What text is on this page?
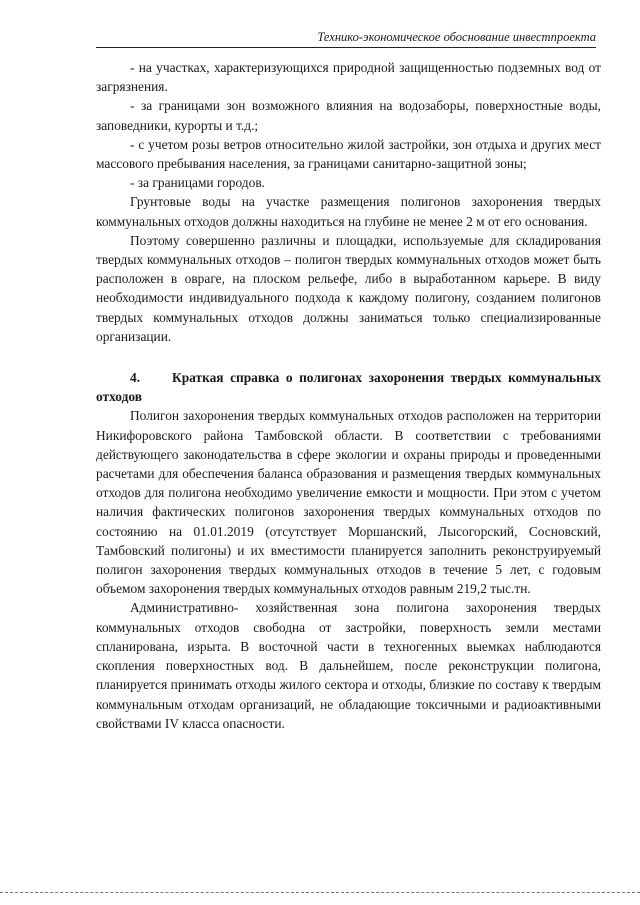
Технико-экономическое обоснование инвестпроекта

- на участках, характеризующихся природной защищенностью подземных вод от загрязнения.

- за границами зон возможного влияния на водозаборы, поверхностные воды, заповедники, курорты и т.д.;

- с учетом розы ветров относительно жилой застройки, зон отдыха и других мест массового пребывания населения, за границами санитарно-защитной зоны;

- за границами городов.

Грунтовые воды на участке размещения полигонов захоронения твердых коммунальных отходов должны находиться на глубине не менее 2 м от его основания.

Поэтому совершенно различны и площадки, используемые для складирования твердых коммунальных отходов – полигон твердых коммунальных отходов может быть расположен в овраге, на плоском рельефе, либо в выработанном карьере. В виду необходимости индивидуального подхода к каждому полигону, созданием полигонов твердых коммунальных отходов должны заниматься только специализированные организации.

4. Краткая справка о полигонах захоронения твердых коммунальных отходов

Полигон захоронения твердых коммунальных отходов расположен на территории Никифоровского района Тамбовской области. В соответствии с требованиями действующего законодательства в сфере экологии и охраны природы и проведенными расчетами для обеспечения баланса образования и размещения твердых коммунальных отходов для полигона необходимо увеличение емкости и мощности. При этом с учетом наличия фактических полигонов захоронения твердых коммунальных отходов по состоянию на 01.01.2019 (отсутствует Моршанский, Лысогорский, Сосновский, Тамбовский полигоны) и их вместимости планируется заполнить реконструируемый полигон захоронения твердых коммунальных отходов в течение 5 лет, с годовым объемом захоронения твердых коммунальных отходов равным 219,2 тыс.тн.

Административно- хозяйственная зона полигона захоронения твердых коммунальных отходов свободна от застройки, поверхность земли местами спланирована, изрыта. В восточной части в техногенных выемках наблюдаются скопления поверхностных вод. В дальнейшем, после реконструкции полигона, планируется принимать отходы жилого сектора и отходы, близкие по составу к твердым коммунальным отходам организаций, не обладающие токсичными и радиоактивными свойствами IV класса опасности.
